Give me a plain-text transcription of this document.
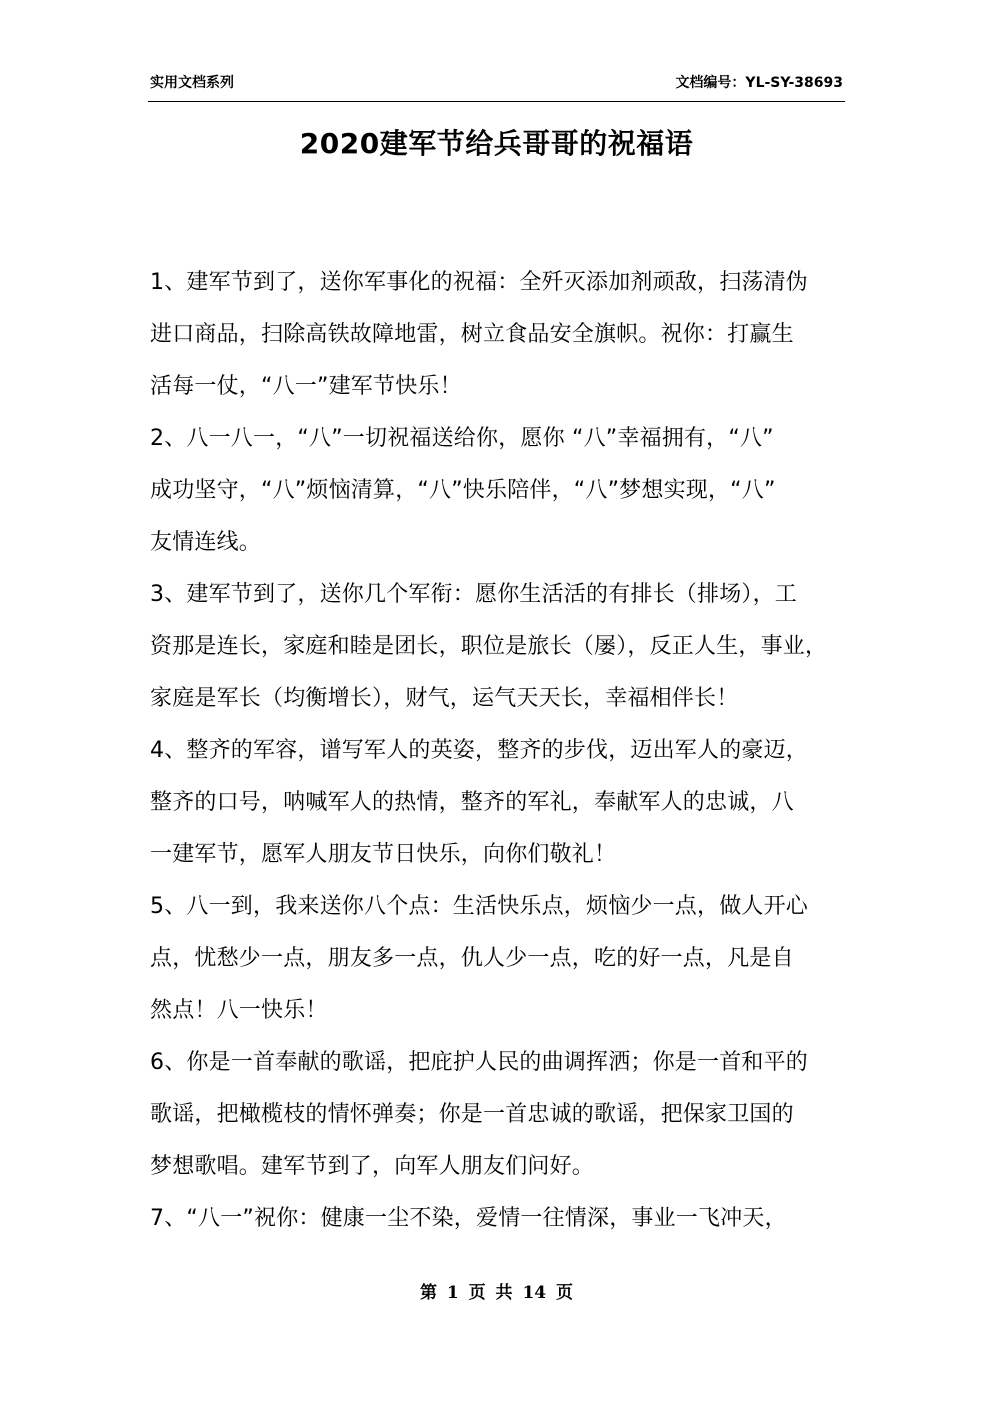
实用文档系列	文档编号：YL-SY-38693
2020建军节给兵哥哥的祝福语
1、建军节到了，送你军事化的祝福：全歼灭添加剂顽敌，扫荡清伪
进口商品，扫除高铁故障地雷，树立食品安全旗帜。祝你：打赢生
活每一仗，“八一”建军节快乐！
2、八一八一，“八”一切祝福送给你，愿你 “八”幸福拥有，“八”
成功坚守，“八”烦恼清算，“八”快乐陪伴，“八”梦想实现，“八”
友情连线。
3、建军节到了，送你几个军衔：愿你生活活的有排长（排场），工
资那是连长，家庭和睦是团长，职位是旅长（屡），反正人生，事业，
家庭是军长（均衡增长），财气，运气天天长，幸福相伴长！
4、整齐的军容，谱写军人的英姿，整齐的步伐，迈出军人的豪迈，
整齐的口号，呐喊军人的热情，整齐的军礼，奉献军人的忠诚，八
一建军节，愿军人朋友节日快乐，向你们敬礼！
5、八一到，我来送你八个点：生活快乐点，烦恼少一点，做人开心
点，忧愁少一点，朋友多一点，仇人少一点，吃的好一点，凡是自
然点！八一快乐！
6、你是一首奉献的歌谣，把庇护人民的曲调挥洒；你是一首和平的
歌谣，把橄榄枝的情怀弹奏；你是一首忠诚的歌谣，把保家卫国的
梦想歌唱。建军节到了，向军人朋友们问好。
7、“八一”祝你：健康一尘不染，爱情一往情深，事业一飞冲天，
第 1 页 共 14 页
